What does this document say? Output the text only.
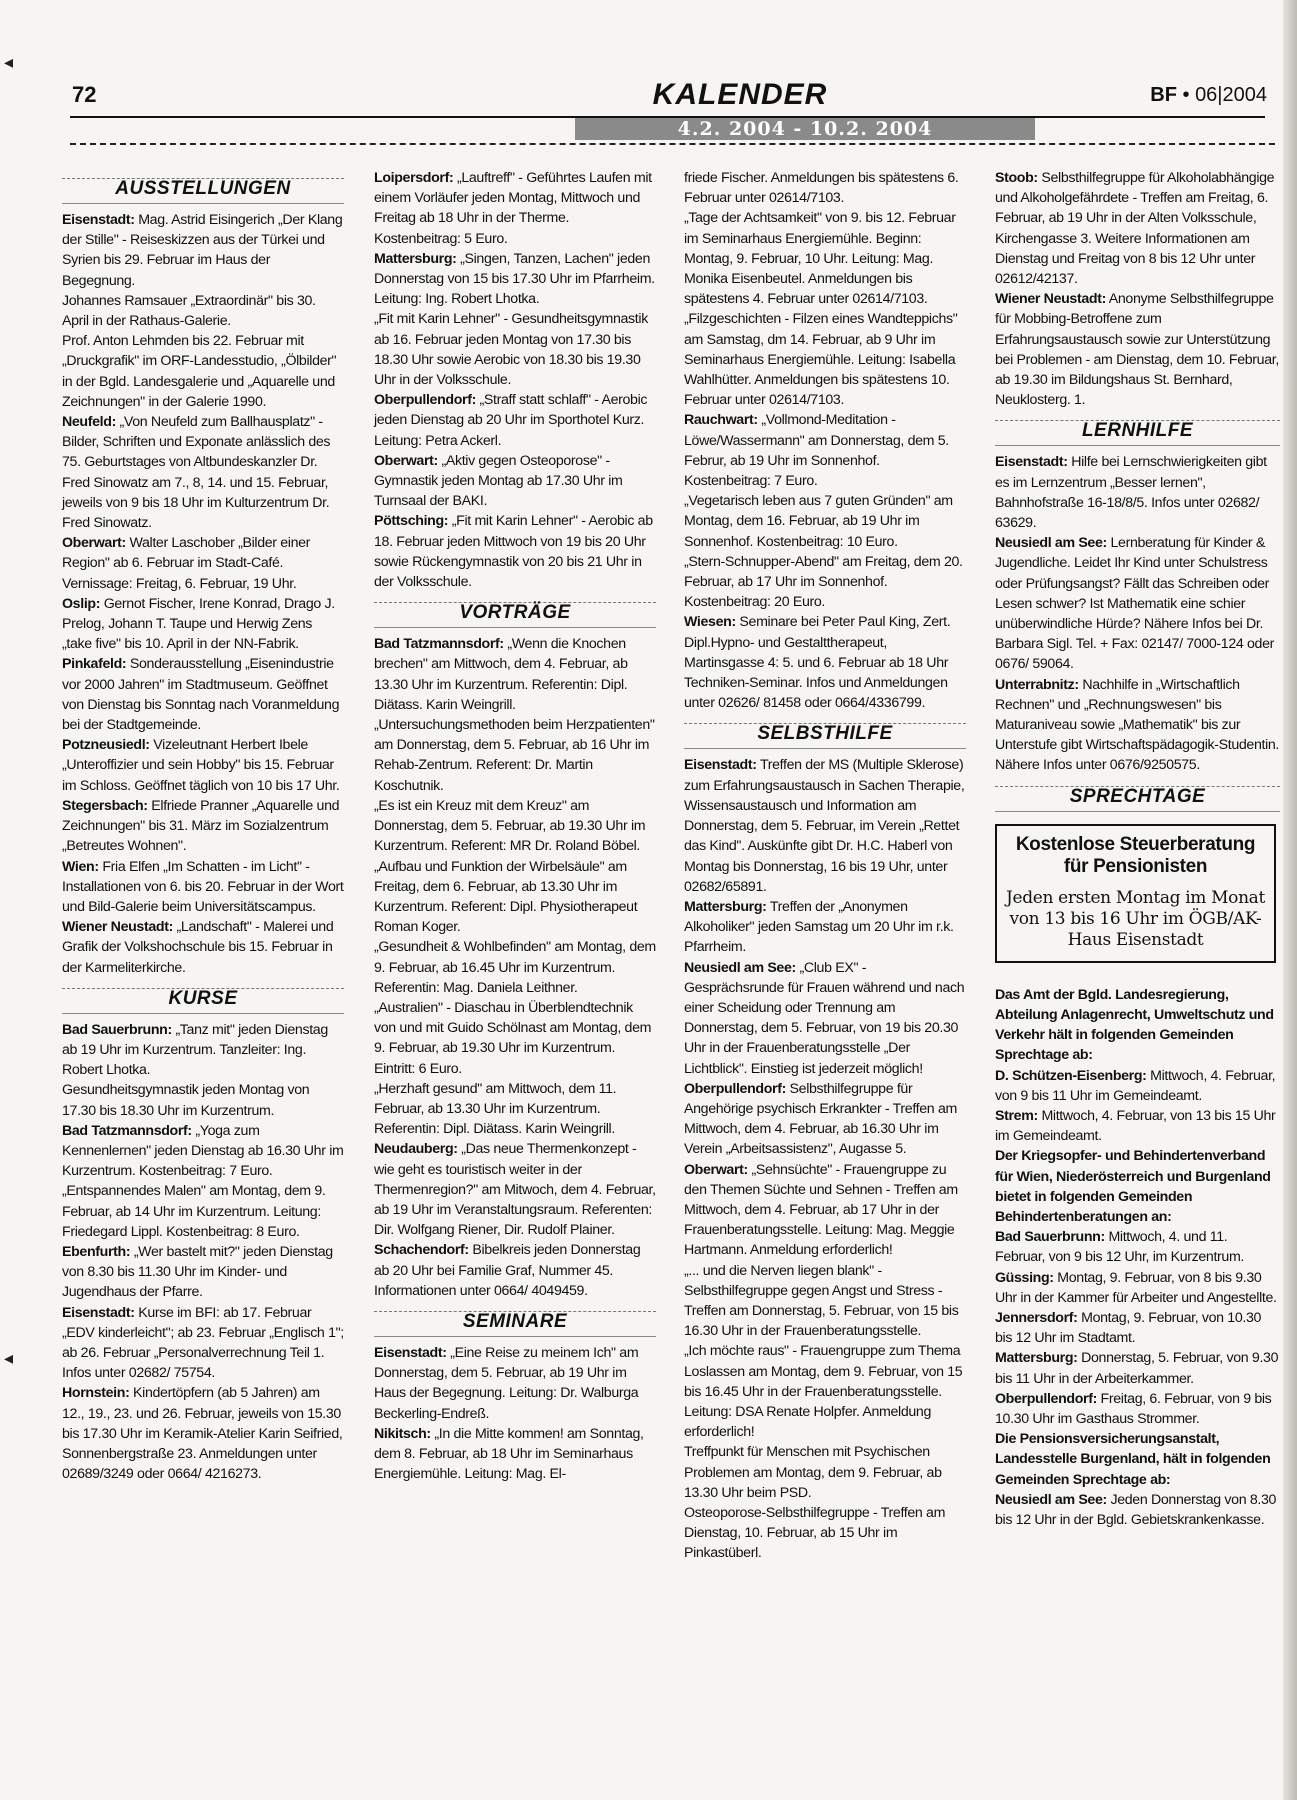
◂
◂
72	KALENDER	BF • 06|2004
4.2. 2004 - 10.2. 2004
AUSSTELLUNGEN

Eisenstadt: Mag. Astrid Eisingerich „Der Klang der Stille" - Reiseskizzen aus der Türkei und Syrien bis 29. Februar im Haus der Begegnung.

Johannes Ramsauer „Extraordinär" bis 30. April in der Rathaus-Galerie.

Prof. Anton Lehmden bis 22. Februar mit „Druckgrafik" im ORF-Landesstudio, „Ölbilder" in der Bgld. Landesgalerie und „Aquarelle und Zeichnungen" in der Galerie 1990.

Neufeld: „Von Neufeld zum Ballhausplatz" - Bilder, Schriften und Exponate anlässlich des 75. Geburtstages von Altbundeskanzler Dr. Fred Sinowatz am 7., 8, 14. und 15. Februar, jeweils von 9 bis 18 Uhr im Kulturzentrum Dr. Fred Sinowatz.

Oberwart: Walter Laschober „Bilder einer Region" ab 6. Februar im Stadt-Café. Vernissage: Freitag, 6. Februar, 19 Uhr.

Oslip: Gernot Fischer, Irene Konrad, Drago J. Prelog, Johann T. Taupe und Herwig Zens „take five" bis 10. April in der NN-Fabrik.

Pinkafeld: Sonderausstellung „Eisenindustrie vor 2000 Jahren" im Stadtmuseum. Geöffnet von Dienstag bis Sonntag nach Voranmeldung bei der Stadtgemeinde.

Potzneusiedl: Vizeleutnant Herbert Ibele „Unteroffizier und sein Hobby" bis 15. Februar im Schloss. Geöffnet täglich von 10 bis 17 Uhr.

Stegersbach: Elfriede Pranner „Aquarelle und Zeichnungen" bis 31. März im Sozialzentrum „Betreutes Wohnen".

Wien: Fria Elfen „Im Schatten - im Licht" - Installationen von 6. bis 20. Februar in der Wort und Bild-Galerie beim Universitätscampus.

Wiener Neustadt: „Landschaft" - Malerei und Grafik der Volkshochschule bis 15. Februar in der Karmeliterkirche.

KURSE

Bad Sauerbrunn: „Tanz mit" jeden Dienstag ab 19 Uhr im Kurzentrum. Tanzleiter: Ing. Robert Lhotka.

Gesundheitsgymnastik jeden Montag von 17.30 bis 18.30 Uhr im Kurzentrum.

Bad Tatzmannsdorf: „Yoga zum Kennenlernen" jeden Dienstag ab 16.30 Uhr im Kurzentrum. Kostenbeitrag: 7 Euro.

„Entspannendes Malen" am Montag, dem 9. Februar, ab 14 Uhr im Kurzentrum. Leitung: Friedegard Lippl. Kostenbeitrag: 8 Euro.

Ebenfurth: „Wer bastelt mit?" jeden Dienstag von 8.30 bis 11.30 Uhr im Kinder- und Jugendhaus der Pfarre.

Eisenstadt: Kurse im BFI: ab 17. Februar „EDV kinderleicht"; ab 23. Februar „Englisch 1"; ab 26. Februar „Personalverrechnung Teil 1. Infos unter 02682/ 75754.

Hornstein: Kindertöpfern (ab 5 Jahren) am 12., 19., 23. und 26. Februar, jeweils von 15.30 bis 17.30 Uhr im Keramik-Atelier Karin Seifried, Sonnenbergstraße 23. Anmeldungen unter 02689/3249 oder 0664/ 4216273.

Loipersdorf: „Lauftreff" - Geführtes Laufen mit einem Vorläufer jeden Montag, Mittwoch und Freitag ab 18 Uhr in der Therme. Kostenbeitrag: 5 Euro.

Mattersburg: „Singen, Tanzen, Lachen" jeden Donnerstag von 15 bis 17.30 Uhr im Pfarrheim. Leitung: Ing. Robert Lhotka.

„Fit mit Karin Lehner" - Gesundheitsgymnastik ab 16. Februar jeden Montag von 17.30 bis 18.30 Uhr sowie Aerobic von 18.30 bis 19.30 Uhr in der Volksschule.

Oberpullendorf: „Straff statt schlaff" - Aerobic jeden Dienstag ab 20 Uhr im Sporthotel Kurz. Leitung: Petra Ackerl.

Oberwart: „Aktiv gegen Osteoporose" - Gymnastik jeden Montag ab 17.30 Uhr im Turnsaal der BAKI.

Pöttsching: „Fit mit Karin Lehner" - Aerobic ab 18. Februar jeden Mittwoch von 19 bis 20 Uhr sowie Rückengymnastik von 20 bis 21 Uhr in der Volksschule.

VORTRÄGE

Bad Tatzmannsdorf: „Wenn die Knochen brechen" am Mittwoch, dem 4. Februar, ab 13.30 Uhr im Kurzentrum. Referentin: Dipl. Diätass. Karin Weingrill.

„Untersuchungsmethoden beim Herzpatienten" am Donnerstag, dem 5. Februar, ab 16 Uhr im Rehab-Zentrum. Referent: Dr. Martin Koschutnik.

„Es ist ein Kreuz mit dem Kreuz" am Donnerstag, dem 5. Februar, ab 19.30 Uhr im Kurzentrum. Referent: MR Dr. Roland Böbel.

„Aufbau und Funktion der Wirbelsäule" am Freitag, dem 6. Februar, ab 13.30 Uhr im Kurzentrum. Referent: Dipl. Physiotherapeut Roman Koger.

„Gesundheit & Wohlbefinden" am Montag, dem 9. Februar, ab 16.45 Uhr im Kurzentrum. Referentin: Mag. Daniela Leithner.

„Australien" - Diaschau in Überblendtechnik von und mit Guido Schölnast am Montag, dem 9. Februar, ab 19.30 Uhr im Kurzentrum. Eintritt: 6 Euro.

„Herzhaft gesund" am Mittwoch, dem 11. Februar, ab 13.30 Uhr im Kurzentrum. Referentin: Dipl. Diätass. Karin Weingrill.

Neudauberg: „Das neue Thermenkonzept - wie geht es touristisch weiter in der Thermenregion?" am Mitwoch, dem 4. Februar, ab 19 Uhr im Veranstaltungsraum. Referenten: Dir. Wolfgang Riener, Dir. Rudolf Plainer.

Schachendorf: Bibelkreis jeden Donnerstag ab 20 Uhr bei Familie Graf, Nummer 45. Informationen unter 0664/ 4049459.

SEMINARE

Eisenstadt: „Eine Reise zu meinem Ich" am Donnerstag, dem 5. Februar, ab 19 Uhr im Haus der Begegnung. Leitung: Dr. Walburga Beckerling-Endreß.

Nikitsch: „In die Mitte kommen! am Sonntag, dem 8. Februar, ab 18 Uhr im Seminarhaus Energiemühle. Leitung: Mag. El-

friede Fischer. Anmeldungen bis spätestens 6. Februar unter 02614/7103.

„Tage der Achtsamkeit" von 9. bis 12. Februar im Seminarhaus Energiemühle. Beginn: Montag, 9. Februar, 10 Uhr. Leitung: Mag. Monika Eisenbeutel. Anmeldungen bis spätestens 4. Februar unter 02614/7103.

„Filzgeschichten - Filzen eines Wandteppichs" am Samstag, dm 14. Februar, ab 9 Uhr im Seminarhaus Energiemühle. Leitung: Isabella Wahlhütter. Anmeldungen bis spätestens 10. Februar unter 02614/7103.

Rauchwart: „Vollmond-Meditation - Löwe/Wassermann" am Donnerstag, dem 5. Februr, ab 19 Uhr im Sonnenhof. Kostenbeitrag: 7 Euro.

„Vegetarisch leben aus 7 guten Gründen" am Montag, dem 16. Februar, ab 19 Uhr im Sonnenhof. Kostenbeitrag: 10 Euro.

„Stern-Schnupper-Abend" am Freitag, dem 20. Februar, ab 17 Uhr im Sonnenhof. Kostenbeitrag: 20 Euro.

Wiesen: Seminare bei Peter Paul King, Zert. Dipl.Hypno- und Gestalttherapeut, Martinsgasse 4: 5. und 6. Februar ab 18 Uhr Techniken-Seminar. Infos und Anmeldungen unter 02626/ 81458 oder 0664/4336799.

SELBSTHILFE

Eisenstadt: Treffen der MS (Multiple Sklerose) zum Erfahrungsaustausch in Sachen Therapie, Wissensaustausch und Information am Donnerstag, dem 5. Februar, im Verein „Rettet das Kind". Auskünfte gibt Dr. H.C. Haberl von Montag bis Donnerstag, 16 bis 19 Uhr, unter 02682/65891.

Mattersburg: Treffen der „Anonymen Alkoholiker" jeden Samstag um 20 Uhr im r.k. Pfarrheim.

Neusiedl am See: „Club EX" - Gesprächsrunde für Frauen während und nach einer Scheidung oder Trennung am Donnerstag, dem 5. Februar, von 19 bis 20.30 Uhr in der Frauenberatungsstelle „Der Lichtblick". Einstieg ist jederzeit möglich!

Oberpullendorf: Selbsthilfegruppe für Angehörige psychisch Erkrankter - Treffen am Mittwoch, dem 4. Februar, ab 16.30 Uhr im Verein „Arbeitsassistenz", Augasse 5.

Oberwart: „Sehnsüchte" - Frauengruppe zu den Themen Süchte und Sehnen - Treffen am Mittwoch, dem 4. Februar, ab 17 Uhr in der Frauenberatungsstelle. Leitung: Mag. Meggie Hartmann. Anmeldung erforderlich!

„... und die Nerven liegen blank" - Selbsthilfegruppe gegen Angst und Stress - Treffen am Donnerstag, 5. Februar, von 15 bis 16.30 Uhr in der Frauenberatungsstelle.

„Ich möchte raus" - Frauengruppe zum Thema Loslassen am Montag, dem 9. Februar, von 15 bis 16.45 Uhr in der Frauenberatungsstelle. Leitung: DSA Renate Holpfer. Anmeldung erforderlich!

Treffpunkt für Menschen mit Psychischen Problemen am Montag, dem 9. Februar, ab 13.30 Uhr beim PSD.

Osteoporose-Selbsthilfegruppe - Treffen am Dienstag, 10. Februar, ab 15 Uhr im Pinkastüberl.

Stoob: Selbsthilfegruppe für Alkoholabhängige und Alkoholgefährdete - Treffen am Freitag, 6. Februar, ab 19 Uhr in der Alten Volksschule, Kirchengasse 3. Weitere Informationen am Dienstag und Freitag von 8 bis 12 Uhr unter 02612/42137.

Wiener Neustadt: Anonyme Selbsthilfegruppe für Mobbing-Betroffene zum Erfahrungsaustausch sowie zur Unterstützung bei Problemen - am Dienstag, dem 10. Februar, ab 19.30 im Bildungshaus St. Bernhard, Neuklosterg. 1.

LERNHILFE

Eisenstadt: Hilfe bei Lernschwierigkeiten gibt es im Lernzentrum „Besser lernen", Bahnhofstraße 16-18/8/5. Infos unter 02682/ 63629.

Neusiedl am See: Lernberatung für Kinder & Jugendliche. Leidet Ihr Kind unter Schulstress oder Prüfungsangst? Fällt das Schreiben oder Lesen schwer? Ist Mathematik eine schier unüberwindliche Hürde? Nähere Infos bei Dr. Barbara Sigl. Tel. + Fax: 02147/ 7000-124 oder 0676/ 59064.

Unterrabnitz: Nachhilfe in „Wirtschaftlich Rechnen" und „Rechnungswesen" bis Maturaniveau sowie „Mathematik" bis zur Unterstufe gibt Wirtschaftspädagogik-Studentin. Nähere Infos unter 0676/9250575.

SPRECHTAGE
Kostenlose Steuerberatung für Pensionisten
Jeden ersten Montag im Monat von 13 bis 16 Uhr im ÖGB/AK-Haus Eisenstadt

Das Amt der Bgld. Landesregierung, Abteilung Anlagenrecht, Umweltschutz und Verkehr hält in folgenden Gemeinden Sprechtage ab:

D. Schützen-Eisenberg: Mittwoch, 4. Februar, von 9 bis 11 Uhr im Gemeindeamt.

Strem: Mittwoch, 4. Februar, von 13 bis 15 Uhr im Gemeindeamt.

Der Kriegsopfer- und Behindertenverband für Wien, Niederösterreich und Burgenland bietet in folgenden Gemeinden Behindertenberatungen an:

Bad Sauerbrunn: Mittwoch, 4. und 11. Februar, von 9 bis 12 Uhr, im Kurzentrum.

Güssing: Montag, 9. Februar, von 8 bis 9.30 Uhr in der Kammer für Arbeiter und Angestellte.

Jennersdorf: Montag, 9. Februar, von 10.30 bis 12 Uhr im Stadtamt.

Mattersburg: Donnerstag, 5. Februar, von 9.30 bis 11 Uhr in der Arbeiterkammer.

Oberpullendorf: Freitag, 6. Februar, von 9 bis 10.30 Uhr im Gasthaus Strommer.

Die Pensionsversicherungsanstalt, Landesstelle Burgenland, hält in folgenden Gemeinden Sprechtage ab:

Neusiedl am See: Jeden Donnerstag von 8.30 bis 12 Uhr in der Bgld. Gebietskrankenkasse.
